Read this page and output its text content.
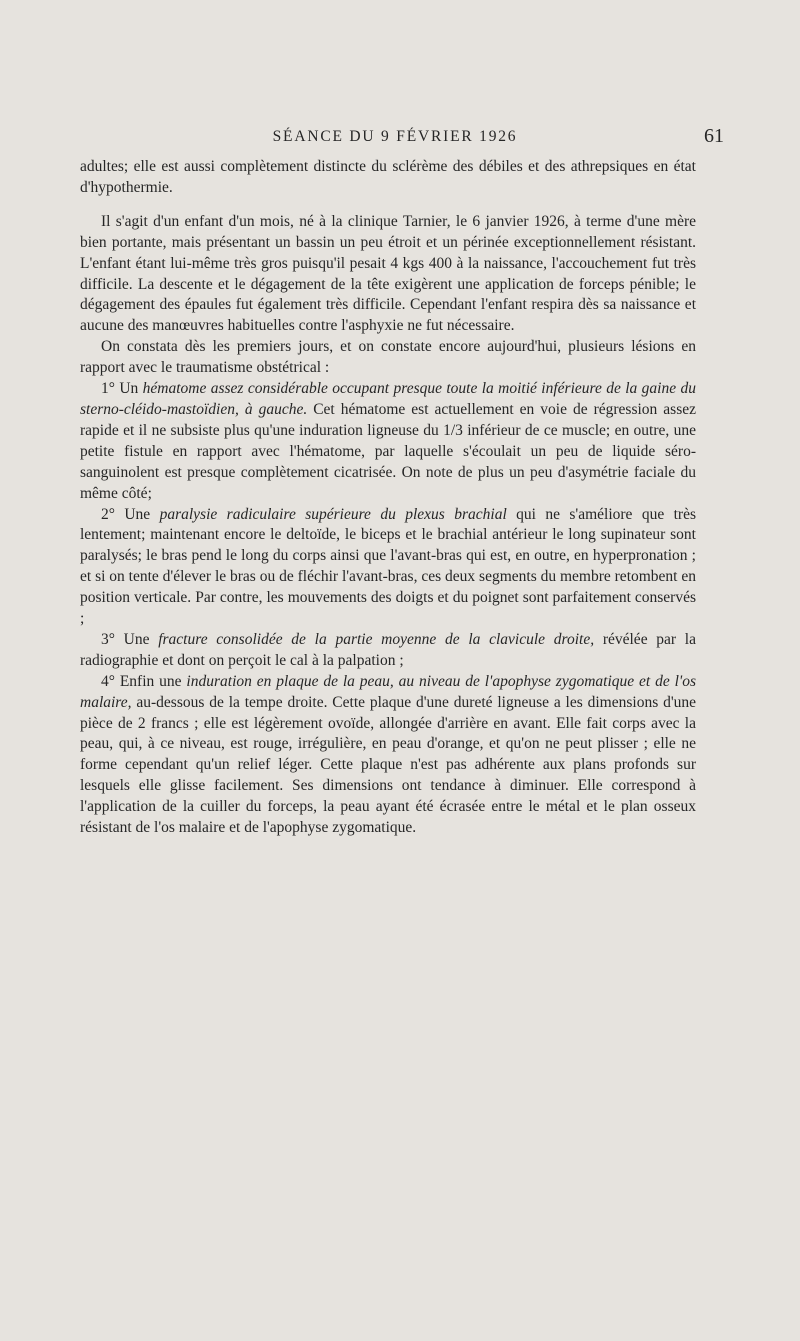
SÉANCE DU 9 FÉVRIER 1926	61

adultes; elle est aussi complètement distincte du sclérème des débiles et des athrepsiques en état d'hypothermie.

Il s'agit d'un enfant d'un mois, né à la clinique Tarnier, le 6 janvier 1926, à terme d'une mère bien portante, mais présentant un bassin un peu étroit et un périnée exceptionnellement résistant. L'enfant étant lui-même très gros puisqu'il pesait 4 kgs 400 à la naissance, l'accouchement fut très difficile. La descente et le dégagement de la tête exigèrent une application de forceps pénible; le dégagement des épaules fut également très difficile. Cependant l'enfant respira dès sa naissance et aucune des manœuvres habituelles contre l'asphyxie ne fut nécessaire.

On constata dès les premiers jours, et on constate encore aujourd'hui, plusieurs lésions en rapport avec le traumatisme obstétrical :

1° Un hématome assez considérable occupant presque toute la moitié inférieure de la gaine du sterno-cléido-mastoïdien, à gauche. Cet hématome est actuellement en voie de régression assez rapide et il ne subsiste plus qu'une induration ligneuse du 1/3 inférieur de ce muscle; en outre, une petite fistule en rapport avec l'hématome, par laquelle s'écoulait un peu de liquide séro-sanguinolent est presque complètement cicatrisée. On note de plus un peu d'asymétrie faciale du même côté;

2° Une paralysie radiculaire supérieure du plexus brachial qui ne s'améliore que très lentement; maintenant encore le deltoïde, le biceps et le brachial antérieur le long supinateur sont paralysés; le bras pend le long du corps ainsi que l'avant-bras qui est, en outre, en hyperpronation ; et si on tente d'élever le bras ou de fléchir l'avant-bras, ces deux segments du membre retombent en position verticale. Par contre, les mouvements des doigts et du poignet sont parfaitement conservés ;

3° Une fracture consolidée de la partie moyenne de la clavicule droite, révélée par la radiographie et dont on perçoit le cal à la palpation ;

4° Enfin une induration en plaque de la peau, au niveau de l'apophyse zygomatique et de l'os malaire, au-dessous de la tempe droite. Cette plaque d'une dureté ligneuse a les dimensions d'une pièce de 2 francs ; elle est légèrement ovoïde, allongée d'arrière en avant. Elle fait corps avec la peau, qui, à ce niveau, est rouge, irrégulière, en peau d'orange, et qu'on ne peut plisser ; elle ne forme cependant qu'un relief léger. Cette plaque n'est pas adhérente aux plans profonds sur lesquels elle glisse facilement. Ses dimensions ont tendance à diminuer. Elle correspond à l'application de la cuiller du forceps, la peau ayant été écrasée entre le métal et le plan osseux résistant de l'os malaire et de l'apophyse zygomatique.
